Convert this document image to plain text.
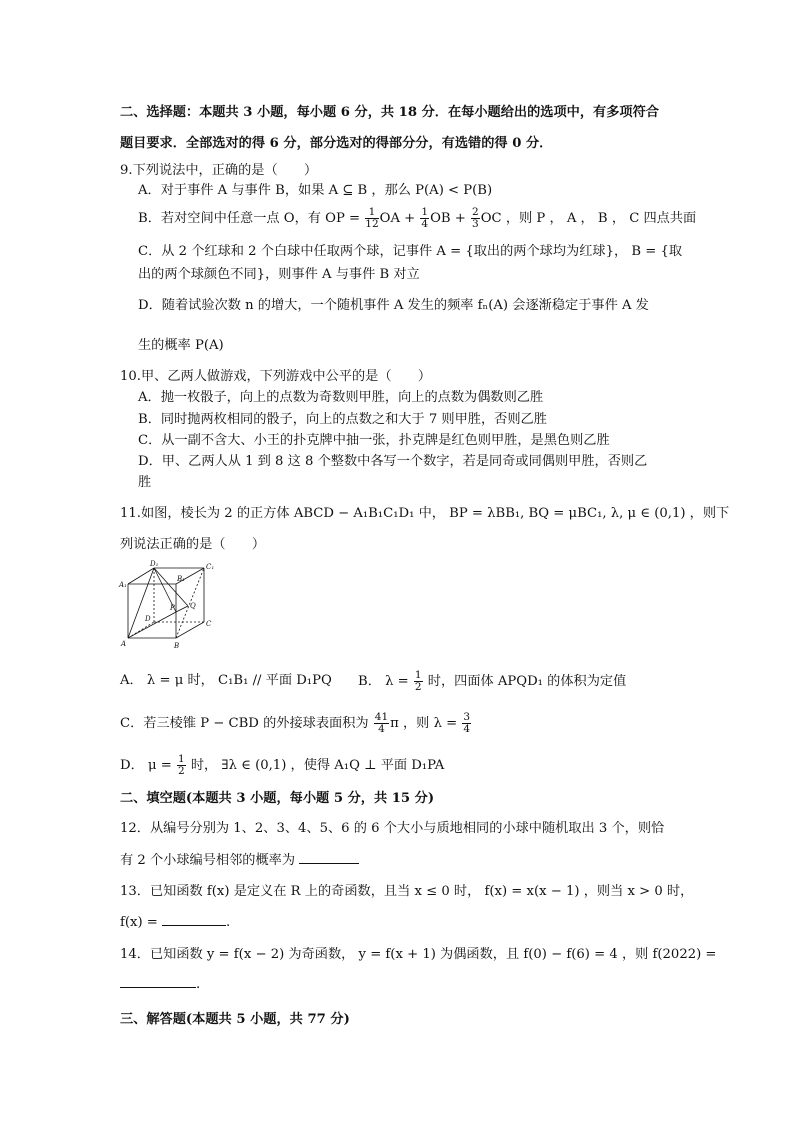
二、选择题：本题共 3 小题，每小题 6 分，共 18 分．在每小题给出的选项中，有多项符合
题目要求．全部选对的得 6 分，部分选对的得部分分，有选错的得 0 分．
9.下列说法中，正确的是（　　）
A．对于事件 A 与事件 B，如果 A ⊆ B ，那么 P(A) < P(B)
B．若对空间中任意一点 O，有 OP = $\frac{1}{12}$ OA + $\frac{1}{4}$ OB + $\frac{2}{3}$ OC ，则 P ， A ， B ， C 四点共面
C．从 2 个红球和 2 个白球中任取两个球，记事件 A = {取出的两个球均为红球}， B = {取
出的两个球颜色不同}，则事件 A 与事件 B 对立
D．随着试验次数 n 的增大，一个随机事件 A 发生的频率 fₙ(A) 会逐渐稳定于事件 A 发
生的概率 P(A)
10.甲、乙两人做游戏，下列游戏中公平的是（　　）
A．抛一枚骰子，向上的点数为奇数则甲胜，向上的点数为偶数则乙胜
B．同时抛两枚相同的骰子，向上的点数之和大于 7 则甲胜，否则乙胜
C．从一副不含大、小王的扑克牌中抽一张，扑克牌是红色则甲胜，是黑色则乙胜
D．甲、乙两人从 1 到 8 这 8 个整数中各写一个数字，若是同奇或同偶则甲胜，否则乙
胜
11.如图，棱长为 2 的正方体 ABCD − A₁B₁C₁D₁ 中， BP = λBB₁, BQ = μBC₁, λ, μ ∈ (0,1) ，则下
列说法正确的是（　　）
D₁	C₁
A₁
B₁
P Q
D
C
A	B
A． λ = μ 时， C₁B₁ // 平面 D₁PQ B． $\lambda = \frac{1}{2}$ 时，四面体 APQD₁ 的体积为定值
C．若三棱锥 P − CBD 的外接球表面积为 $\frac{41}{4}$ π ，则 $\lambda = \frac{3}{4}$
D． $\mu = \frac{1}{2}$ 时， ∃λ ∈ (0,1) ，使得 A₁Q ⊥ 平面 D₁PA
二、填空题(本题共 3 小题，每小题 5 分，共 15 分)
12．从编号分别为 1、2、3、4、5、6 的 6 个大小与质地相同的小球中随机取出 3 个，则恰
有 2 个小球编号相邻的概率为
13．已知函数 f(x) 是定义在 R 上的奇函数，且当 x ≤ 0 时， f(x) = x(x − 1) ，则当 x > 0 时，
f(x) =	.
14．已知函数 y = f(x − 2) 为奇函数， y = f(x + 1) 为偶函数，且 f(0) − f(6) = 4 ，则 f(2022) =
.
三、解答题(本题共 5 小题，共 77 分)
